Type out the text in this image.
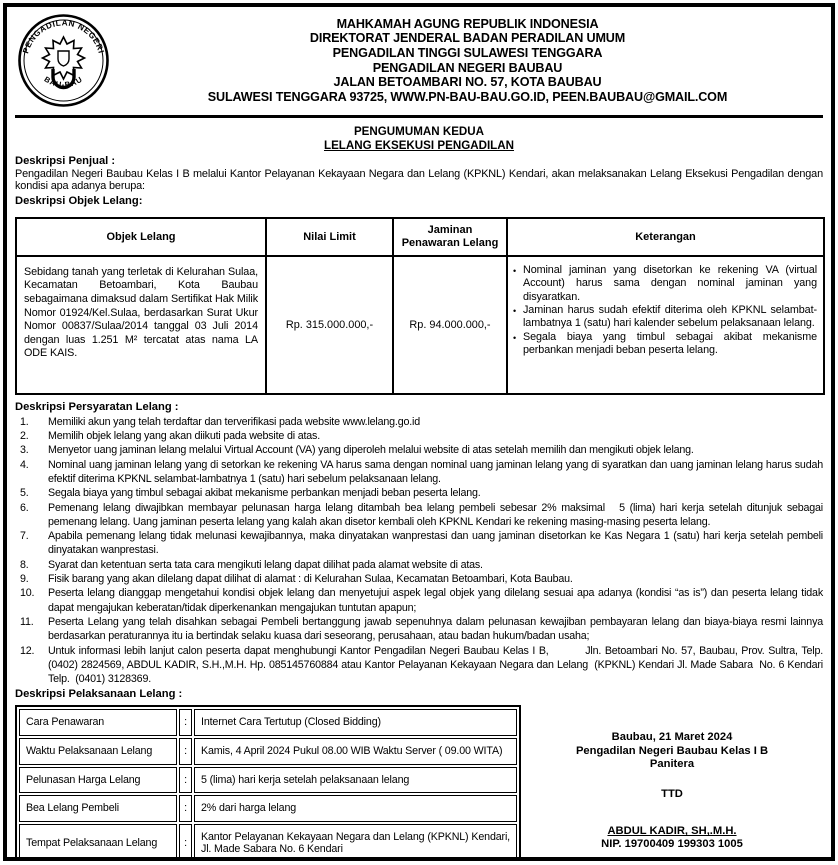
PENGADILAN NEGERI
BAU-BAU
MAHKAMAH AGUNG REPUBLIK INDONESIA
DIREKTORAT JENDERAL BADAN PERADILAN UMUM
PENGADILAN TINGGI SULAWESI TENGGARA
PENGADILAN NEGERI BAUBAU
JALAN BETOAMBARI NO. 57, KOTA BAUBAU
SULAWESI TENGGARA 93725, WWW.PN-BAU-BAU.GO.ID, PEEN.BAUBAU@GMAIL.COM
PENGUMUMAN KEDUA
LELANG EKSEKUSI PENGADILAN
Deskripsi Penjual :
Pengadilan Negeri Baubau Kelas I B melalui Kantor Pelayanan Kekayaan Negara dan Lelang (KPKNL) Kendari, akan melaksanakan Lelang Eksekusi Pengadilan dengan kondisi apa adanya berupa:
Deskripsi Objek Lelang:
Objek Lelang	Nilai Limit	Jaminan Penawaran Lelang	Keterangan
Sebidang tanah yang terletak di Kelurahan Sulaa, Kecamatan Betoambari, Kota Baubau sebagaimana dimaksud dalam Sertifikat Hak Milik Nomor 01924/Kel.Sulaa, berdasarkan Surat Ukur Nomor 00837/Sulaa/2014 tanggal 03 Juli 2014 dengan luas 1.251 M² tercatat atas nama LA ODE KAIS.	Rp. 315.000.000,-	Rp. 94.000.000,-	
• Nominal jaminan yang disetorkan ke rekening VA (virtual Account) harus sama dengan nominal jaminan yang disyaratkan.
• Jaminan harus sudah efektif diterima oleh KPKNL selambat-lambatnya 1 (satu) hari kalender sebelum pelaksanaan lelang.
• Segala biaya yang timbul sebagai akibat mekanisme perbankan menjadi beban peserta lelang.
Deskripsi Persyaratan Lelang :
1.	Memiliki akun yang telah terdaftar dan terverifikasi pada website www.lelang.go.id
2.	Memilih objek lelang yang akan diikuti pada website di atas.
3.	Menyetor uang jaminan lelang melalui Virtual Account (VA) yang diperoleh melalui website di atas setelah memilih dan mengikuti objek lelang.
4.	Nominal uang jaminan lelang yang di setorkan ke rekening VA harus sama dengan nominal uang jaminan lelang yang di syaratkan dan uang jaminan lelang harus sudah efektif diterima KPKNL selambat-lambatnya 1 (satu) hari sebelum pelaksanaan lelang.
5.	Segala biaya yang timbul sebagai akibat mekanisme perbankan menjadi beban peserta lelang.
6.	Pemenang lelang diwajibkan membayar pelunasan harga lelang ditambah bea lelang pembeli sebesar 2% maksimal   5 (lima) hari kerja setelah ditunjuk sebagai pemenang lelang. Uang jaminan peserta lelang yang kalah akan disetor kembali oleh KPKNL Kendari ke rekening masing-masing peserta lelang.
7.	Apabila pemenang lelang tidak melunasi kewajibannya, maka dinyatakan wanprestasi dan uang jaminan disetorkan ke Kas Negara 1 (satu) hari kerja setelah pembeli dinyatakan wanprestasi.
8.	Syarat dan ketentuan serta tata cara mengikuti lelang dapat dilihat pada alamat website di atas.
9.	Fisik barang yang akan dilelang dapat dilihat di alamat : di Kelurahan Sulaa, Kecamatan Betoambari, Kota Baubau.
10.	Peserta lelang dianggap mengetahui kondisi objek lelang dan menyetujui aspek legal objek yang dilelang sesuai apa adanya (kondisi “as is”) dan peserta lelang tidak dapat mengajukan keberatan/tidak diperkenankan mengajukan tuntutan apapun;
11.	Peserta Lelang yang telah disahkan sebagai Pembeli bertanggung jawab sepenuhnya dalam pelunasan kewajiban pembayaran lelang dan biaya-biaya resmi lainnya berdasarkan peraturannya itu ia bertindak selaku kuasa dari seseorang, perusahaan, atau badan hukum/badan usaha;
12.	Untuk informasi lebih lanjut calon peserta dapat menghubungi Kantor Pengadilan Negeri Baubau Kelas I B,          Jln. Betoambari No. 57, Baubau, Prov. Sultra, Telp. (0402) 2824569, ABDUL KADIR, S.H.,M.H. Hp. 085145760884 atau Kantor Pelayanan Kekayaan Negara dan Lelang  (KPKNL) Kendari Jl. Made Sabara  No. 6 Kendari Telp.  (0401) 3128369.
Deskripsi Pelaksanaan Lelang :
Cara Penawaran	:	Internet Cara Tertutup (Closed Bidding)
Waktu Pelaksanaan Lelang	:	Kamis, 4 April 2024 Pukul 08.00 WIB Waktu Server ( 09.00 WITA)
Pelunasan Harga Lelang	:	5 (lima) hari kerja setelah pelaksanaan lelang
Bea Lelang Pembeli	:	2% dari harga lelang
Tempat Pelaksanaan Lelang	:	Kantor Pelayanan Kekayaan Negara dan Lelang (KPKNL) Kendari, Jl. Made Sabara No. 6 Kendari
Baubau, 21 Maret 2024
Pengadilan Negeri Baubau Kelas I B
Panitera
TTD
ABDUL KADIR, SH,.M.H.
NIP. 19700409 199303 1005
